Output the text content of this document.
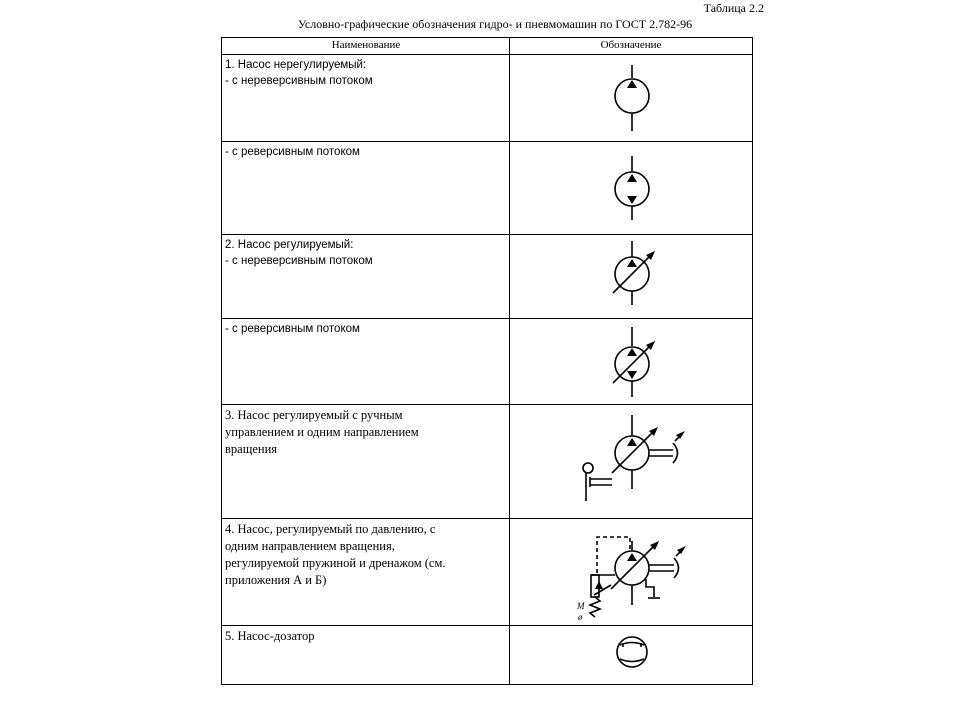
Таблица 2.2
Условно-графические обозначения гидро- и пневмомашин по ГОСТ 2.782-96
Наименование	Обозначение
1. Насос нерегулируемый:
- с нереверсивным потоком
- с реверсивным потоком
2. Насос регулируемый:
- с нереверсивным потоком
- с реверсивным потоком
3. Насос регулируемый с ручным
управлением и одним направлением
вращения
4. Насос, регулируемый по давлению, с
одним направлением вращения,
регулируемой пружиной и дренажом (см.
приложения А и Б)
M
ø
5. Насос-дозатор
